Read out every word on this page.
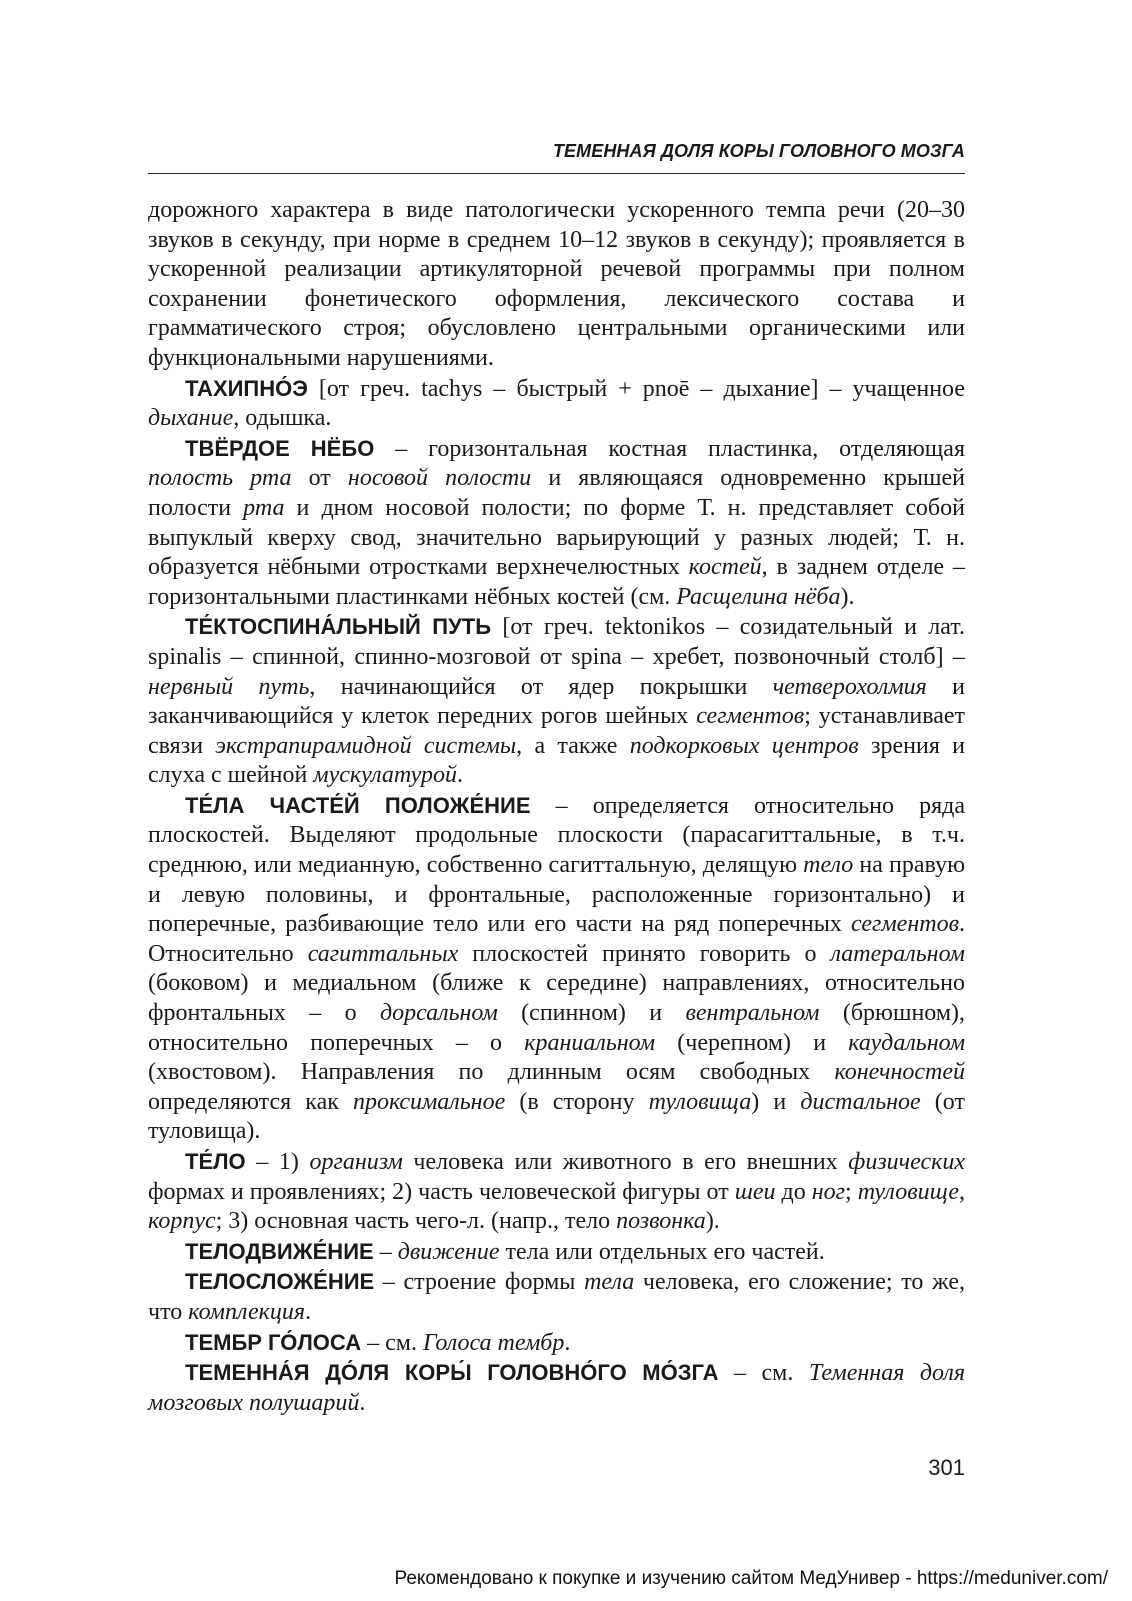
ТЕМЕННАЯ ДОЛЯ КОРЫ ГОЛОВНОГО МОЗГА

дорожного характера в виде патологически ускоренного темпа речи (20–30 звуков в секунду, при норме в среднем 10–12 звуков в секунду); проявляется в ускоренной реализации артикуляторной речевой программы при полном сохранении фонетического оформления, лексического состава и грамматического строя; обусловлено центральными органическими или функциональными нарушениями.

ТАХИПНО́Э [от греч. tachys – быстрый + pnoē – дыхание] – учащенное дыхание, одышка.

ТВЁРДОЕ НЁБО – горизонтальная костная пластинка, отделяющая полость рта от носовой полости и являющаяся одновременно крышей полости рта и дном носовой полости; по форме Т. н. представляет собой выпуклый кверху свод, значительно варьирующий у разных людей; Т. н. образуется нёбными отростками верхнечелюстных костей, в заднем отделе – горизонтальными пластинками нёбных костей (см. Расщелина нёба).

ТЕ́КТОСПИНА́ЛЬНЫЙ ПУТЬ [от греч. tektonikos – созидательный и лат. spinalis – спинной, спинно-мозговой от spina – хребет, позвоночный столб] – нервный путь, начинающийся от ядер покрышки четверохолмия и заканчивающийся у клеток передних рогов шейных сегментов; устанавливает связи экстрапирамидной системы, а также подкорковых центров зрения и слуха с шейной мускулатурой.

ТЕ́ЛА ЧАСТЕ́Й ПОЛОЖЕ́НИЕ – определяется относительно ряда плоскостей. Выделяют продольные плоскости (парасагиттальные, в т.ч. среднюю, или медианную, собственно сагиттальную, делящую тело на правую и левую половины, и фронтальные, расположенные горизонтально) и поперечные, разбивающие тело или его части на ряд поперечных сегментов. Относительно сагиттальных плоскостей принято говорить о латеральном (боковом) и медиальном (ближе к середине) направлениях, относительно фронтальных – о дорсальном (спинном) и вентральном (брюшном), относительно поперечных – о краниальном (черепном) и каудальном (хвостовом). Направления по длинным осям свободных конечностей определяются как проксимальное (в сторону туловища) и дистальное (от туловища).

ТЕ́ЛО – 1) организм человека или животного в его внешних физических формах и проявлениях; 2) часть человеческой фигуры от шеи до ног; туловище, корпус; 3) основная часть чего-л. (напр., тело позвонка).

ТЕЛОДВИЖЕ́НИЕ – движение тела или отдельных его частей.

ТЕЛОСЛОЖЕ́НИЕ – строение формы тела человека, его сложение; то же, что комплекция.

ТЕМБР ГО́ЛОСА – см. Голоса тембр.

ТЕМЕННА́Я ДО́ЛЯ КОРЫ́ ГОЛОВНО́ГО МО́ЗГА – см. Теменная доля мозговых полушарий.

301
Рекомендовано к покупке и изучению сайтом МедУнивер - https://meduniver.com/
